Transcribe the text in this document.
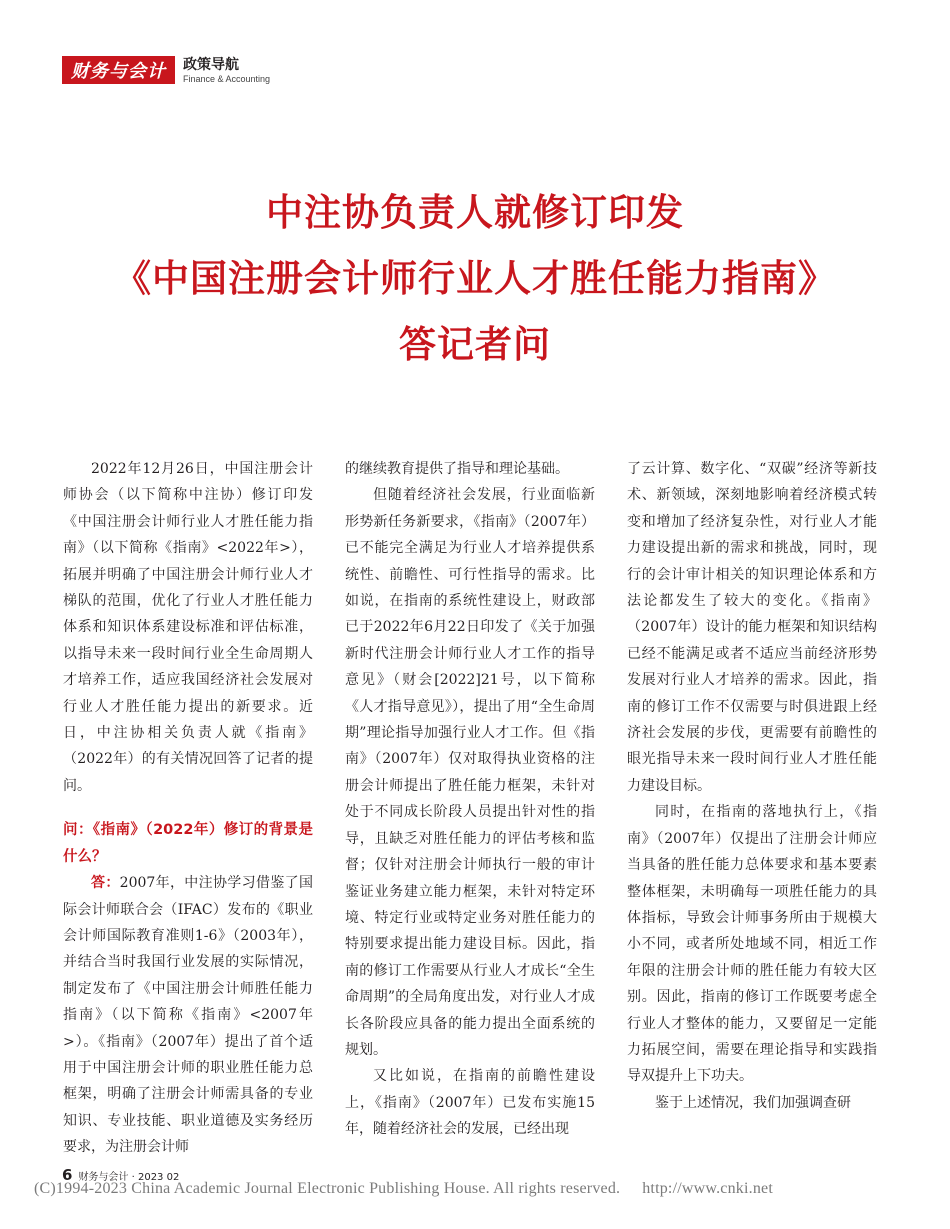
财务与会计 政策导航
Finance & Accounting
中注协负责人就修订印发
《中国注册会计师行业人才胜任能力指南》
答记者问

2022年12月26日，中国注册会计师协会（以下简称中注协）修订印发《中国注册会计师行业人才胜任能力指南》（以下简称《指南》<2022年>），拓展并明确了中国注册会计师行业人才梯队的范围，优化了行业人才胜任能力体系和知识体系建设标准和评估标准，以指导未来一段时间行业全生命周期人才培养工作，适应我国经济社会发展对行业人才胜任能力提出的新要求。近日，中注协相关负责人就《指南》（2022年）的有关情况回答了记者的提问。

问：《指南》（2022年）修订的背景是什么？

答：2007年，中注协学习借鉴了国际会计师联合会（IFAC）发布的《职业会计师国际教育准则1-6》（2003年），并结合当时我国行业发展的实际情况，制定发布了《中国注册会计师胜任能力指南》（以下简称《指南》<2007年>）。《指南》（2007年）提出了首个适用于中国注册会计师的职业胜任能力总框架，明确了注册会计师需具备的专业知识、专业技能、职业道德及实务经历要求，为注册会计师

的继续教育提供了指导和理论基础。

但随着经济社会发展，行业面临新形势新任务新要求，《指南》（2007年）已不能完全满足为行业人才培养提供系统性、前瞻性、可行性指导的需求。比如说，在指南的系统性建设上，财政部已于2022年6月22日印发了《关于加强新时代注册会计师行业人才工作的指导意见》（财会[2022]21号，以下简称《人才指导意见》），提出了用“全生命周期”理论指导加强行业人才工作。但《指南》（2007年）仅对取得执业资格的注册会计师提出了胜任能力框架，未针对处于不同成长阶段人员提出针对性的指导，且缺乏对胜任能力的评估考核和监督；仅针对注册会计师执行一般的审计鉴证业务建立能力框架，未针对特定环境、特定行业或特定业务对胜任能力的特别要求提出能力建设目标。因此，指南的修订工作需要从行业人才成长“全生命周期”的全局角度出发，对行业人才成长各阶段应具备的能力提出全面系统的规划。

又比如说，在指南的前瞻性建设上，《指南》（2007年）已发布实施15年，随着经济社会的发展，已经出现

了云计算、数字化、“双碳”经济等新技术、新领域，深刻地影响着经济模式转变和增加了经济复杂性，对行业人才能力建设提出新的需求和挑战，同时，现行的会计审计相关的知识理论体系和方法论都发生了较大的变化。《指南》（2007年）设计的能力框架和知识结构已经不能满足或者不适应当前经济形势发展对行业人才培养的需求。因此，指南的修订工作不仅需要与时俱进跟上经济社会发展的步伐，更需要有前瞻性的眼光指导未来一段时间行业人才胜任能力建设目标。

同时，在指南的落地执行上，《指南》（2007年）仅提出了注册会计师应当具备的胜任能力总体要求和基本要素整体框架，未明确每一项胜任能力的具体指标，导致会计师事务所由于规模大小不同，或者所处地域不同，相近工作年限的注册会计师的胜任能力有较大区别。因此，指南的修订工作既要考虑全行业人才整体的能力，又要留足一定能力拓展空间，需要在理论指导和实践指导双提升上下功夫。

鉴于上述情况，我们加强调查研

6 财务与会计 · 2023 02
(C)1994-2023 China Academic Journal Electronic Publishing House. All rights reserved. http://www.cnki.net
